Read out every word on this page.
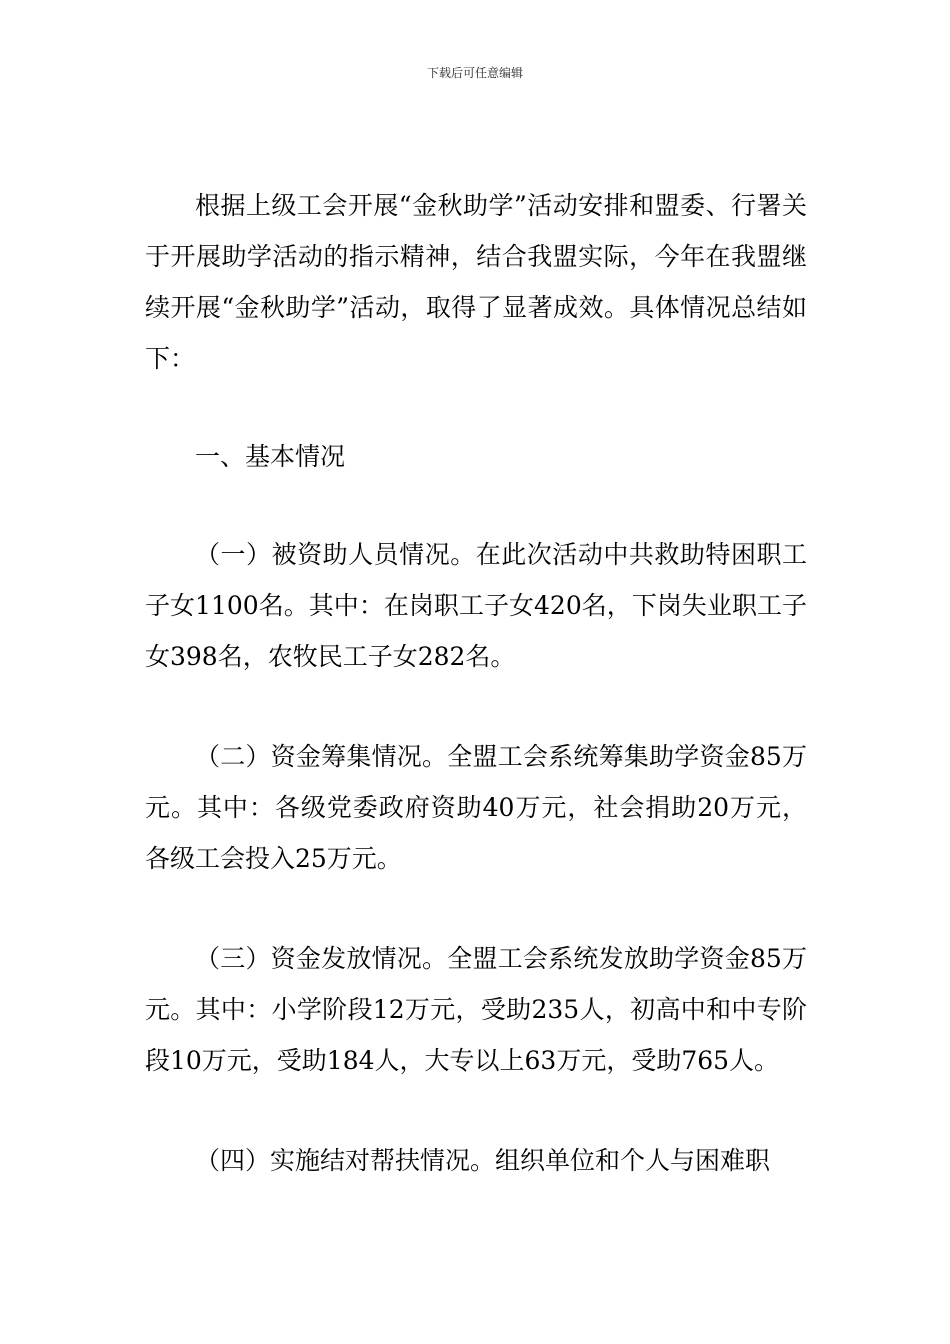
下载后可任意编辑

根据上级工会开展“金秋助学”活动安排和盟委、行署关于开展助学活动的指示精神，结合我盟实际，今年在我盟继续开展“金秋助学”活动，取得了显著成效。具体情况总结如下：

一、基本情况

（一）被资助人员情况。在此次活动中共救助特困职工子女1100名。其中：在岗职工子女420名，下岗失业职工子女398名，农牧民工子女282名。

（二）资金筹集情况。全盟工会系统筹集助学资金85万元。其中：各级党委政府资助40万元，社会捐助20万元，各级工会投入25万元。

（三）资金发放情况。全盟工会系统发放助学资金85万元。其中：小学阶段12万元，受助235人，初高中和中专阶段10万元，受助184人，大专以上63万元，受助765人。

（四）实施结对帮扶情况。组织单位和个人与困难职
